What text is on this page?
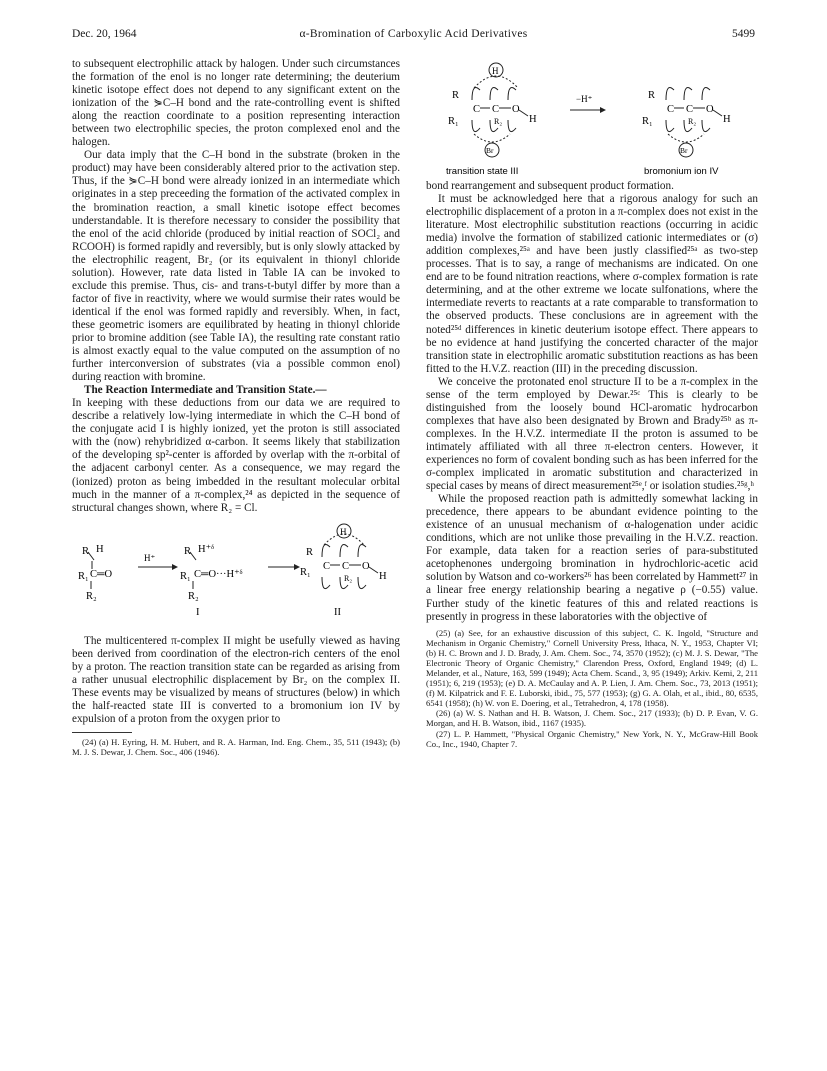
Dec. 20, 1964	α-Bromination of Carboxylic Acid Derivatives	5499

to subsequent electrophilic attack by halogen. Under such circumstances the formation of the enol is no longer rate determining; the deuterium kinetic isotope effect does not depend to any significant extent on the ionization of the ⋟C–H bond and the rate-controlling event is shifted along the reaction coordinate to a position representing interaction between two electrophilic species, the proton complexed enol and the halogen.

Our data imply that the C–H bond in the substrate (broken in the product) may have been considerably altered prior to the activation step. Thus, if the ⋟C–H bond were already ionized in an intermediate which originates in a step preceeding the formation of the activated complex in the bromination reaction, a small kinetic isotope effect becomes understandable. It is therefore necessary to consider the possibility that the enol of the acid chloride (produced by initial reaction of SOCl₂ and RCOOH) is formed rapidly and reversibly, but is only slowly attacked by the electrophilic reagent, Br₂ (or its equivalent in thionyl chloride solution). However, rate data listed in Table IA can be invoked to exclude this premise. Thus, cis- and trans-t-butyl differ by more than a factor of five in reactivity, where we would surmise their rates would be identical if the enol was formed rapidly and reversibly. When, in fact, these geometric isomers are equilibrated by heating in thionyl chloride prior to bromine addition (see Table IA), the resulting rate constant ratio is almost exactly equal to the value computed on the assumption of no further interconversion of substrates (via a possible common enol) during reaction with bromine.

The Reaction Intermediate and Transition State.—

In keeping with these deductions from our data we are required to describe a relatively low-lying intermediate in which the C–H bond of the conjugate acid I is highly ionized, yet the proton is still associated with the (now) rehybridized α-carbon. It seems likely that stabilization of the developing sp²-center is afforded by overlap with the π-orbital of the adjacent carbonyl center. As a consequence, we may regard the (ionized) proton as being imbedded in the resultant molecular orbital much in the manner of a π-complex,²⁴ as depicted in the sequence of structural changes shown, where R₂ = Cl.

R H
R₁ C═O
R₂
H⁺
R H⁺ᵟ
R₁ C═O···H⁺ᵟ
R₂
I
H
R
R₁
C C O
R₂	H
II

The multicentered π-complex II might be usefully viewed as having been derived from coordination of the electron-rich centers of the enol by a proton. The reaction transition state can be regarded as arising from a rather unusual electrophilic displacement by Br₂ on the complex II. These events may be visualized by means of structures (below) in which the half-reacted state III is converted to a bromonium ion IV by expulsion of a proton from the oxygen prior to

(24) (a) H. Eyring, H. M. Hubert, and R. A. Harman, Ind. Eng. Chem., 35, 511 (1943); (b) M. J. S. Dewar, J. Chem. Soc., 406 (1946).

H
R
R₁
C C O
R₂	H
Br
−H⁺	R
R₁
C C O
R₂	H
Br
transition state III	bromonium ion IV

bond rearrangement and subsequent product formation.

It must be acknowledged here that a rigorous analogy for such an electrophilic displacement of a proton in a π-complex does not exist in the literature. Most electrophilic substitution reactions (occurring in acidic media) involve the formation of stabilized cationic intermediates or (σ) addition complexes,²⁵ᵃ and have been justly classified²⁵ᵃ as two-step processes. That is to say, a range of mechanisms are indicated. On one end are to be found nitration reactions, where σ-complex formation is rate determining, and at the other extreme we locate sulfonations, where the intermediate reverts to reactants at a rate comparable to transformation to the observed products. These conclusions are in agreement with the noted²⁵ᵈ differences in kinetic deuterium isotope effect. There appears to be no evidence at hand justifying the concerted character of the major transition state in electrophilic aromatic substitution reactions as has been fitted to the H.V.Z. reaction (III) in the preceding discussion.

We conceive the protonated enol structure II to be a π-complex in the sense of the term employed by Dewar.²⁵ᶜ This is clearly to be distinguished from the loosely bound HCl-aromatic hydrocarbon complexes that have also been designated by Brown and Brady²⁵ᵇ as π-complexes. In the H.V.Z. intermediate II the proton is assumed to be intimately affiliated with all three π-electron centers. However, it experiences no form of covalent bonding such as has been inferred for the σ-complex implicated in aromatic substitution and characterized in special cases by means of direct measurement²⁵ᵉ,ᶠ or isolation studies.²⁵ᵍ,ʰ

While the proposed reaction path is admittedly somewhat lacking in precedence, there appears to be abundant evidence pointing to the existence of an unusual mechanism of α-halogenation under acidic conditions, which are not unlike those prevailing in the H.V.Z. reaction. For example, data taken for a reaction series of para-substituted acetophenones undergoing bromination in hydrochloric-acetic acid solution by Watson and co-workers²⁶ has been correlated by Hammett²⁷ in a linear free energy relationship bearing a negative ρ (−0.55) value. Further study of the kinetic features of this and related reactions is presently in progress in these laboratories with the objective of

(25) (a) See, for an exhaustive discussion of this subject, C. K. Ingold, "Structure and Mechanism in Organic Chemistry," Cornell University Press, Ithaca, N. Y., 1953, Chapter VI; (b) H. C. Brown and J. D. Brady, J. Am. Chem. Soc., 74, 3570 (1952); (c) M. J. S. Dewar, "The Electronic Theory of Organic Chemistry," Clarendon Press, Oxford, England 1949; (d) L. Melander, et al., Nature, 163, 599 (1949); Acta Chem. Scand., 3, 95 (1949); Arkiv. Kemi, 2, 211 (1951); 6, 219 (1953); (e) D. A. McCaulay and A. P. Lien, J. Am. Chem. Soc., 73, 2013 (1951); (f) M. Kilpatrick and F. E. Luborski, ibid., 75, 577 (1953); (g) G. A. Olah, et al., ibid., 80, 6535, 6541 (1958); (h) W. von E. Doering, et al., Tetrahedron, 4, 178 (1958).

(26) (a) W. S. Nathan and H. B. Watson, J. Chem. Soc., 217 (1933); (b) D. P. Evan, V. G. Morgan, and H. B. Watson, ibid., 1167 (1935).

(27) L. P. Hammett, "Physical Organic Chemistry," New York, N. Y., McGraw-Hill Book Co., Inc., 1940, Chapter 7.
